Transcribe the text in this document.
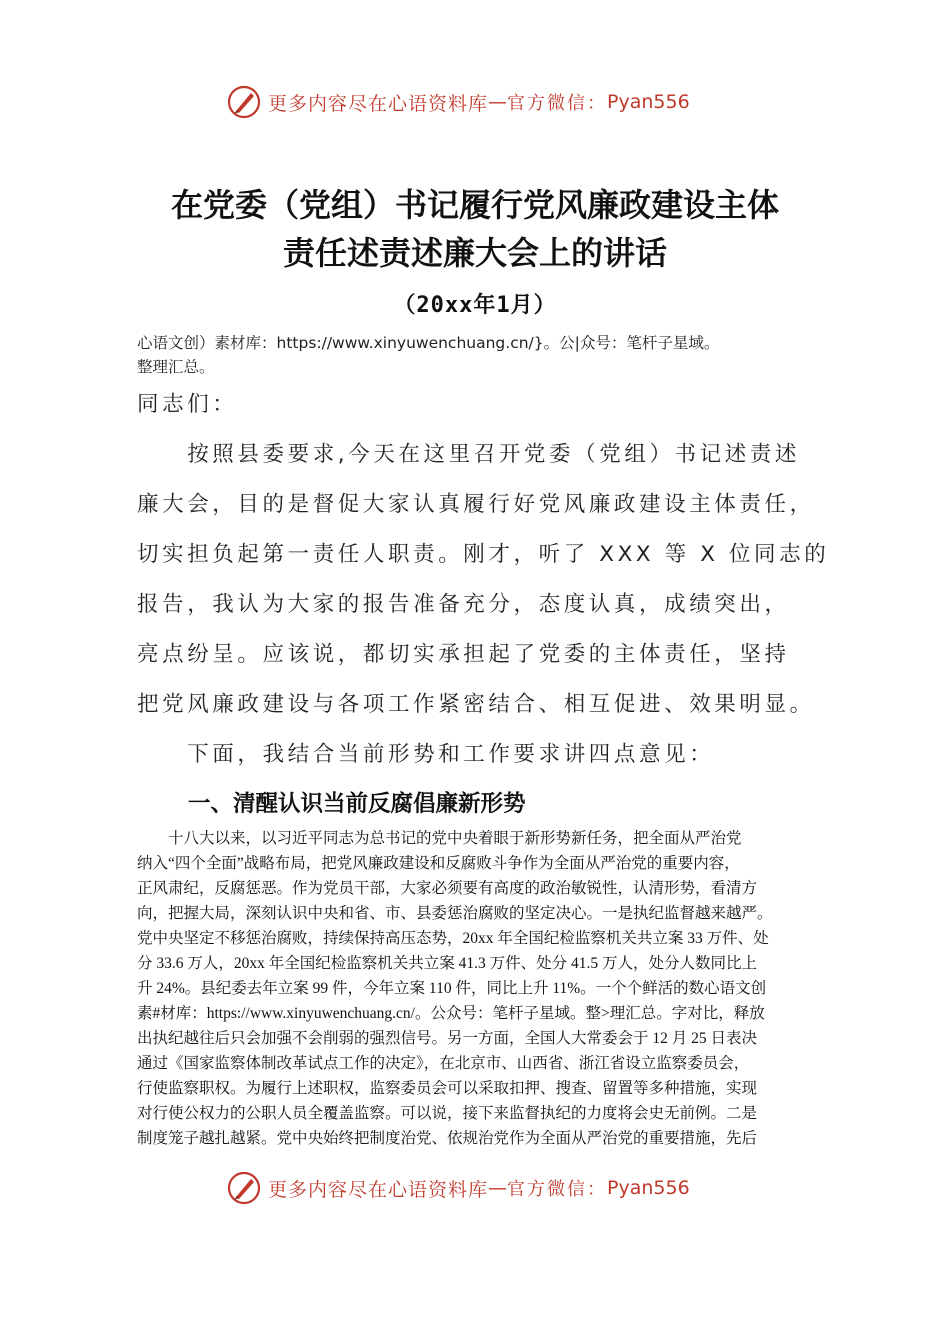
更多内容尽在心语资料库 — 官方微信： Pyan556
在党委（党组）书记履行党风廉政建设主体
责任述责述廉大会上的讲话
（20xx年1月）
心语文创）素材库：https://www.xinyuwenchuang.cn/}。公|众号：笔杆子星域。
整理汇总。
同志们：
　　按照县委要求,今天在这里召开党委（党组）书记述责述
廉大会，目的是督促大家认真履行好党风廉政建设主体责任，
切实担负起第一责任人职责。刚才，听了 XXX 等 X 位同志的
报告，我认为大家的报告准备充分，态度认真，成绩突出，
亮点纷呈。应该说，都切实承担起了党委的主体责任，坚持
把党风廉政建设与各项工作紧密结合、相互促进、效果明显。
　　下面，我结合当前形势和工作要求讲四点意见：
一、清醒认识当前反腐倡廉新形势
　　十八大以来，以习近平同志为总书记的党中央着眼于新形势新任务，把全面从严治党
纳入“四个全面”战略布局，把党风廉政建设和反腐败斗争作为全面从严治党的重要内容，
正风肃纪，反腐惩恶。作为党员干部，大家必须要有高度的政治敏锐性，认清形势，看清方
向，把握大局，深刻认识中央和省、市、县委惩治腐败的坚定决心。一是执纪监督越来越严。
党中央坚定不移惩治腐败，持续保持高压态势，20xx 年全国纪检监察机关共立案 33 万件、处
分 33.6 万人，20xx 年全国纪检监察机关共立案 41.3 万件、处分 41.5 万人，处分人数同比上
升 24%。县纪委去年立案 99 件，今年立案 110 件，同比上升 11%。一个个鲜活的数心语文创
素#材库：https://www.xinyuwenchuang.cn/。公众号：笔杆子星域。整>理汇总。字对比，释放
出执纪越往后只会加强不会削弱的强烈信号。另一方面，全国人大常委会于 12 月 25 日表决
通过《国家监察体制改革试点工作的决定》，在北京市、山西省、浙江省设立监察委员会，
行使监察职权。为履行上述职权，监察委员会可以采取扣押、搜查、留置等多种措施，实现
对行使公权力的公职人员全覆盖监察。可以说，接下来监督执纪的力度将会史无前例。二是
制度笼子越扎越紧。党中央始终把制度治党、依规治党作为全面从严治党的重要措施，先后
更多内容尽在心语资料库 — 官方微信： Pyan556
